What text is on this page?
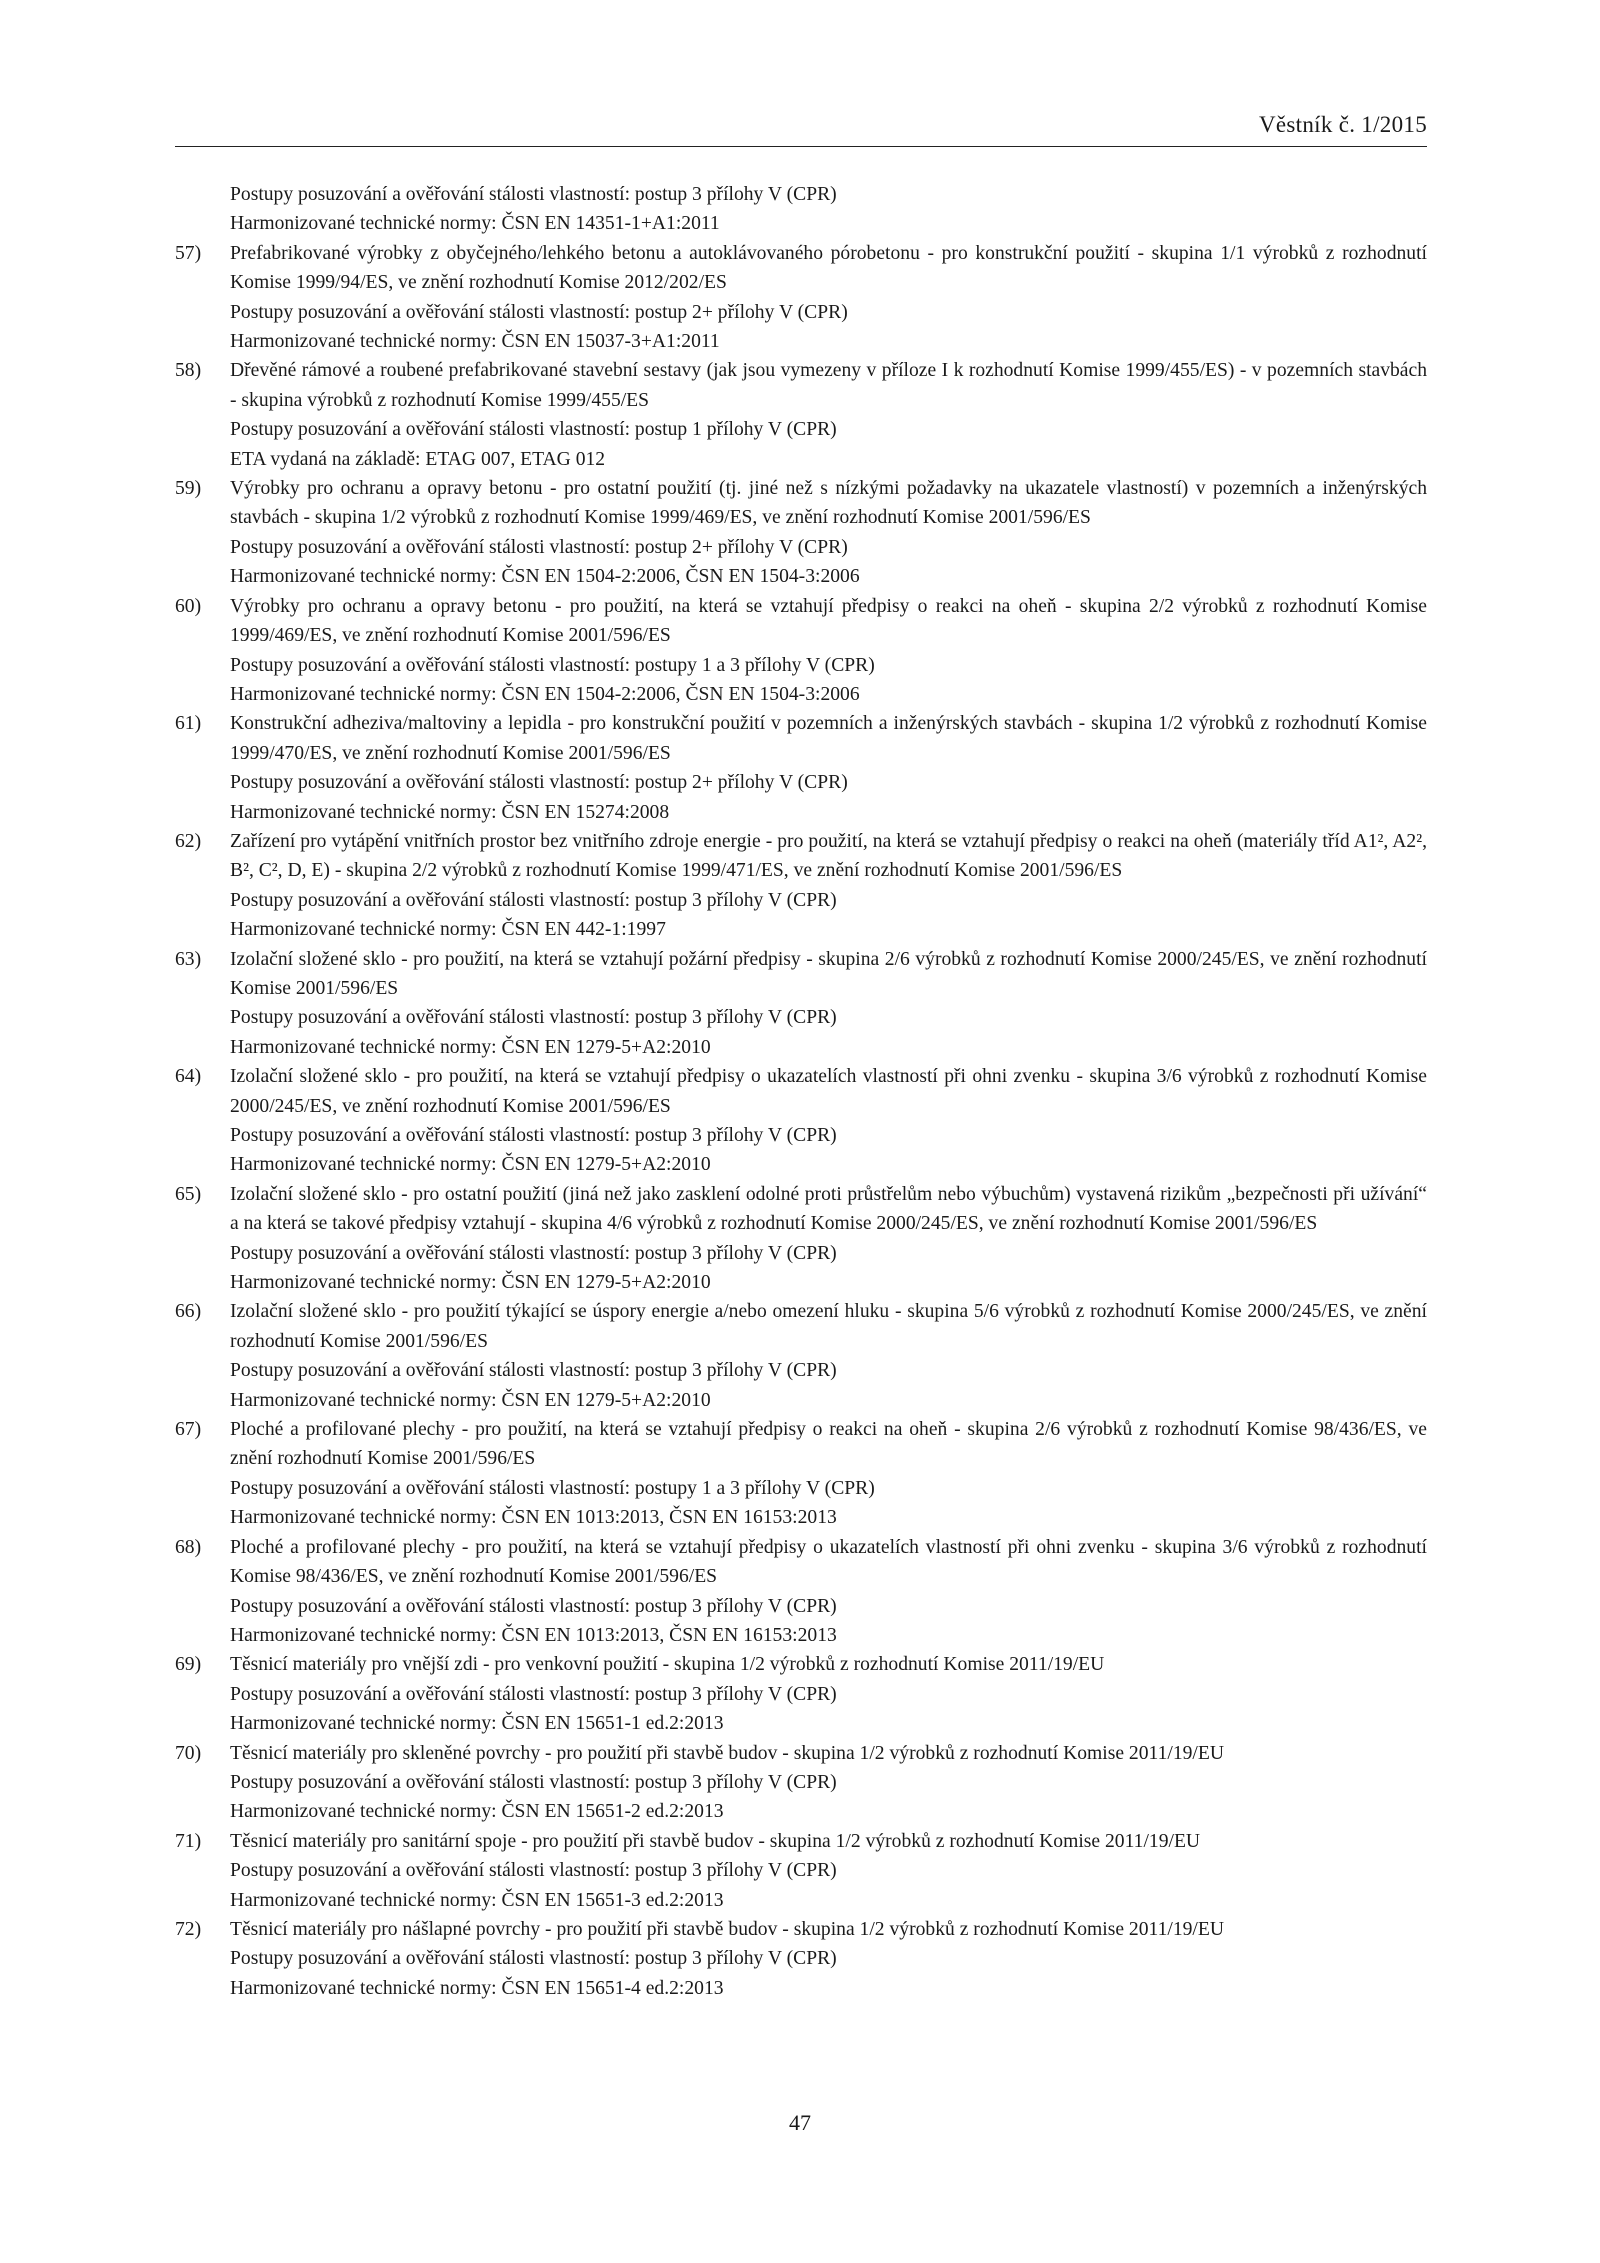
Věstník č. 1/2015
Postupy posuzování a ověřování stálosti vlastností: postup 3 přílohy V (CPR)
Harmonizované technické normy: ČSN EN 14351-1+A1:2011
57)	Prefabrikované výrobky z obyčejného/lehkého betonu a autoklávovaného pórobetonu - pro konstrukční použití - skupina 1/1 výrobků z rozhodnutí Komise 1999/94/ES, ve znění rozhodnutí Komise 2012/202/ES
Postupy posuzování a ověřování stálosti vlastností: postup 2+ přílohy V (CPR)
Harmonizované technické normy: ČSN EN 15037-3+A1:2011
58)	Dřevěné rámové a roubené prefabrikované stavební sestavy (jak jsou vymezeny v příloze I k rozhodnutí Komise 1999/455/ES) - v pozemních stavbách - skupina výrobků z rozhodnutí Komise 1999/455/ES
Postupy posuzování a ověřování stálosti vlastností: postup 1 přílohy V (CPR)
ETA vydaná na základě: ETAG 007, ETAG 012
59)	Výrobky pro ochranu a opravy betonu - pro ostatní použití (tj. jiné než s nízkými požadavky na ukazatele vlastností) v pozemních a inženýrských stavbách - skupina 1/2 výrobků z rozhodnutí Komise 1999/469/ES, ve znění rozhodnutí Komise 2001/596/ES
Postupy posuzování a ověřování stálosti vlastností: postup 2+ přílohy V (CPR)
Harmonizované technické normy: ČSN EN 1504-2:2006, ČSN EN 1504-3:2006
60)	Výrobky pro ochranu a opravy betonu - pro použití, na která se vztahují předpisy o reakci na oheň - skupina 2/2 výrobků z rozhodnutí Komise 1999/469/ES, ve znění rozhodnutí Komise 2001/596/ES
Postupy posuzování a ověřování stálosti vlastností: postupy 1 a 3 přílohy V (CPR)
Harmonizované technické normy: ČSN EN 1504-2:2006, ČSN EN 1504-3:2006
61)	Konstrukční adheziva/maltoviny a lepidla - pro konstrukční použití v pozemních a inženýrských stavbách - skupina 1/2 výrobků z rozhodnutí Komise 1999/470/ES, ve znění rozhodnutí Komise 2001/596/ES
Postupy posuzování a ověřování stálosti vlastností: postup 2+ přílohy V (CPR)
Harmonizované technické normy: ČSN EN 15274:2008
62)	Zařízení pro vytápění vnitřních prostor bez vnitřního zdroje energie - pro použití, na která se vztahují předpisy o reakci na oheň (materiály tříd A1², A2², B², C², D, E) - skupina 2/2 výrobků z rozhodnutí Komise 1999/471/ES, ve znění rozhodnutí Komise 2001/596/ES
Postupy posuzování a ověřování stálosti vlastností: postup 3 přílohy V (CPR)
Harmonizované technické normy: ČSN EN 442-1:1997
63)	Izolační složené sklo - pro použití, na která se vztahují požární předpisy - skupina 2/6 výrobků z rozhodnutí Komise 2000/245/ES, ve znění rozhodnutí Komise 2001/596/ES
Postupy posuzování a ověřování stálosti vlastností: postup 3 přílohy V (CPR)
Harmonizované technické normy: ČSN EN 1279-5+A2:2010
64)	Izolační složené sklo - pro použití, na která se vztahují předpisy o ukazatelích vlastností při ohni zvenku - skupina 3/6 výrobků z rozhodnutí Komise 2000/245/ES, ve znění rozhodnutí Komise 2001/596/ES
Postupy posuzování a ověřování stálosti vlastností: postup 3 přílohy V (CPR)
Harmonizované technické normy: ČSN EN 1279-5+A2:2010
65)	Izolační složené sklo - pro ostatní použití (jiná než jako zasklení odolné proti průstřelům nebo výbuchům) vystavená rizikům „bezpečnosti při užívání“ a na která se takové předpisy vztahují - skupina 4/6 výrobků z rozhodnutí Komise 2000/245/ES, ve znění rozhodnutí Komise 2001/596/ES
Postupy posuzování a ověřování stálosti vlastností: postup 3 přílohy V (CPR)
Harmonizované technické normy: ČSN EN 1279-5+A2:2010
66)	Izolační složené sklo - pro použití týkající se úspory energie a/nebo omezení hluku - skupina 5/6 výrobků z rozhodnutí Komise 2000/245/ES, ve znění rozhodnutí Komise 2001/596/ES
Postupy posuzování a ověřování stálosti vlastností: postup 3 přílohy V (CPR)
Harmonizované technické normy: ČSN EN 1279-5+A2:2010
67)	Ploché a profilované plechy - pro použití, na která se vztahují předpisy o reakci na oheň - skupina 2/6 výrobků z rozhodnutí Komise 98/436/ES, ve znění rozhodnutí Komise 2001/596/ES
Postupy posuzování a ověřování stálosti vlastností: postupy 1 a 3 přílohy V (CPR)
Harmonizované technické normy: ČSN EN 1013:2013, ČSN EN 16153:2013
68)	Ploché a profilované plechy - pro použití, na která se vztahují předpisy o ukazatelích vlastností při ohni zvenku - skupina 3/6 výrobků z rozhodnutí Komise 98/436/ES, ve znění rozhodnutí Komise 2001/596/ES
Postupy posuzování a ověřování stálosti vlastností: postup 3 přílohy V (CPR)
Harmonizované technické normy: ČSN EN 1013:2013, ČSN EN 16153:2013
69)	Těsnicí materiály pro vnější zdi - pro venkovní použití - skupina 1/2 výrobků z rozhodnutí Komise 2011/19/EU
Postupy posuzování a ověřování stálosti vlastností: postup 3 přílohy V (CPR)
Harmonizované technické normy: ČSN EN 15651-1 ed.2:2013
70)	Těsnicí materiály pro skleněné povrchy - pro použití při stavbě budov - skupina 1/2 výrobků z rozhodnutí Komise 2011/19/EU
Postupy posuzování a ověřování stálosti vlastností: postup 3 přílohy V (CPR)
Harmonizované technické normy: ČSN EN 15651-2 ed.2:2013
71)	Těsnicí materiály pro sanitární spoje - pro použití při stavbě budov - skupina 1/2 výrobků z rozhodnutí Komise 2011/19/EU
Postupy posuzování a ověřování stálosti vlastností: postup 3 přílohy V (CPR)
Harmonizované technické normy: ČSN EN 15651-3 ed.2:2013
72)	Těsnicí materiály pro nášlapné povrchy - pro použití při stavbě budov - skupina 1/2 výrobků z rozhodnutí Komise 2011/19/EU
Postupy posuzování a ověřování stálosti vlastností: postup 3 přílohy V (CPR)
Harmonizované technické normy: ČSN EN 15651-4 ed.2:2013
47
